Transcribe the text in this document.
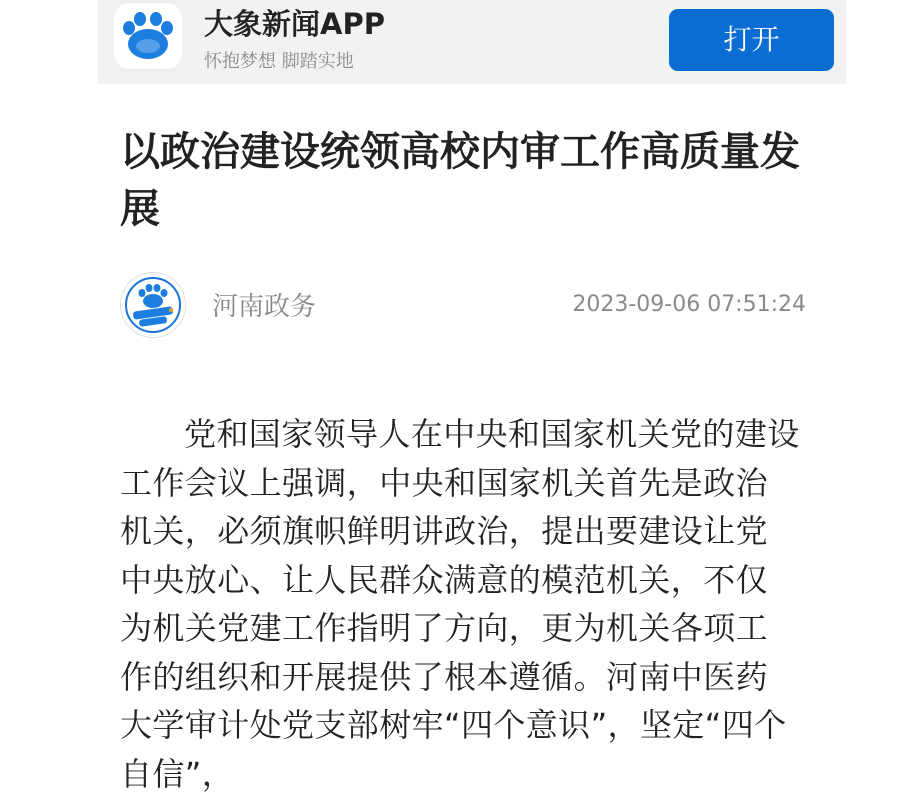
大象新闻APP
怀抱梦想 脚踏实地
打开
以政治建设统领高校内审工作高质量发展
河南政务	2023-09-06 07:51:24

党和国家领导人在中央和国家机关党的建设工作会议上强调，中央和国家机关首先是政治机关，必须旗帜鲜明讲政治，提出要建设让党中央放心、让人民群众满意的模范机关，不仅为机关党建工作指明了方向，更为机关各项工作的组织和开展提供了根本遵循。河南中医药大学审计处党支部树牢“四个意识”，坚定“四个自信”，
